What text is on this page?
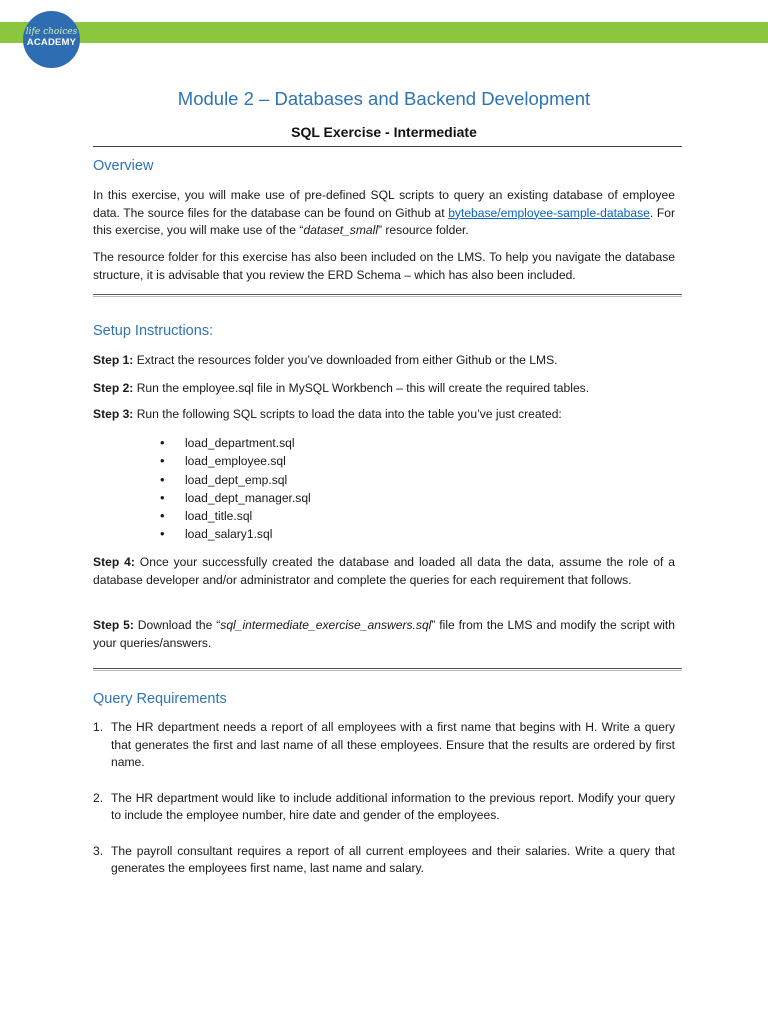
life choices
ACADEMY
Module 2 – Databases and Backend Development
SQL Exercise - Intermediate
Overview

In this exercise, you will make use of pre-defined SQL scripts to query an existing database of employee data. The source files for the database can be found on Github at bytebase/employee-sample-database. For this exercise, you will make use of the “dataset_small” resource folder.

The resource folder for this exercise has also been included on the LMS. To help you navigate the database structure, it is advisable that you review the ERD Schema – which has also been included.

Setup Instructions:
Step 1: Extract the resources folder you’ve downloaded from either Github or the LMS.
Step 2: Run the employee.sql file in MySQL Workbench – this will create the required tables.
Step 3: Run the following SQL scripts to load the data into the table you’ve just created:
• load_department.sql
• load_employee.sql
• load_dept_emp.sql
• load_dept_manager.sql
• load_title.sql
• load_salary1.sql

Step 4: Once your successfully created the database and loaded all data the data, assume the role of a database developer and/or administrator and complete the queries for each requirement that follows.

Step 5: Download the “sql_intermediate_exercise_answers.sql” file from the LMS and modify the script with your queries/answers.

Query Requirements
1. The HR department needs a report of all employees with a first name that begins with H. Write a query that generates the first and last name of all these employees. Ensure that the results are ordered by first name.
2. The HR department would like to include additional information to the previous report. Modify your query to include the employee number, hire date and gender of the employees.
3. The payroll consultant requires a report of all current employees and their salaries. Write a query that generates the employees first name, last name and salary.
